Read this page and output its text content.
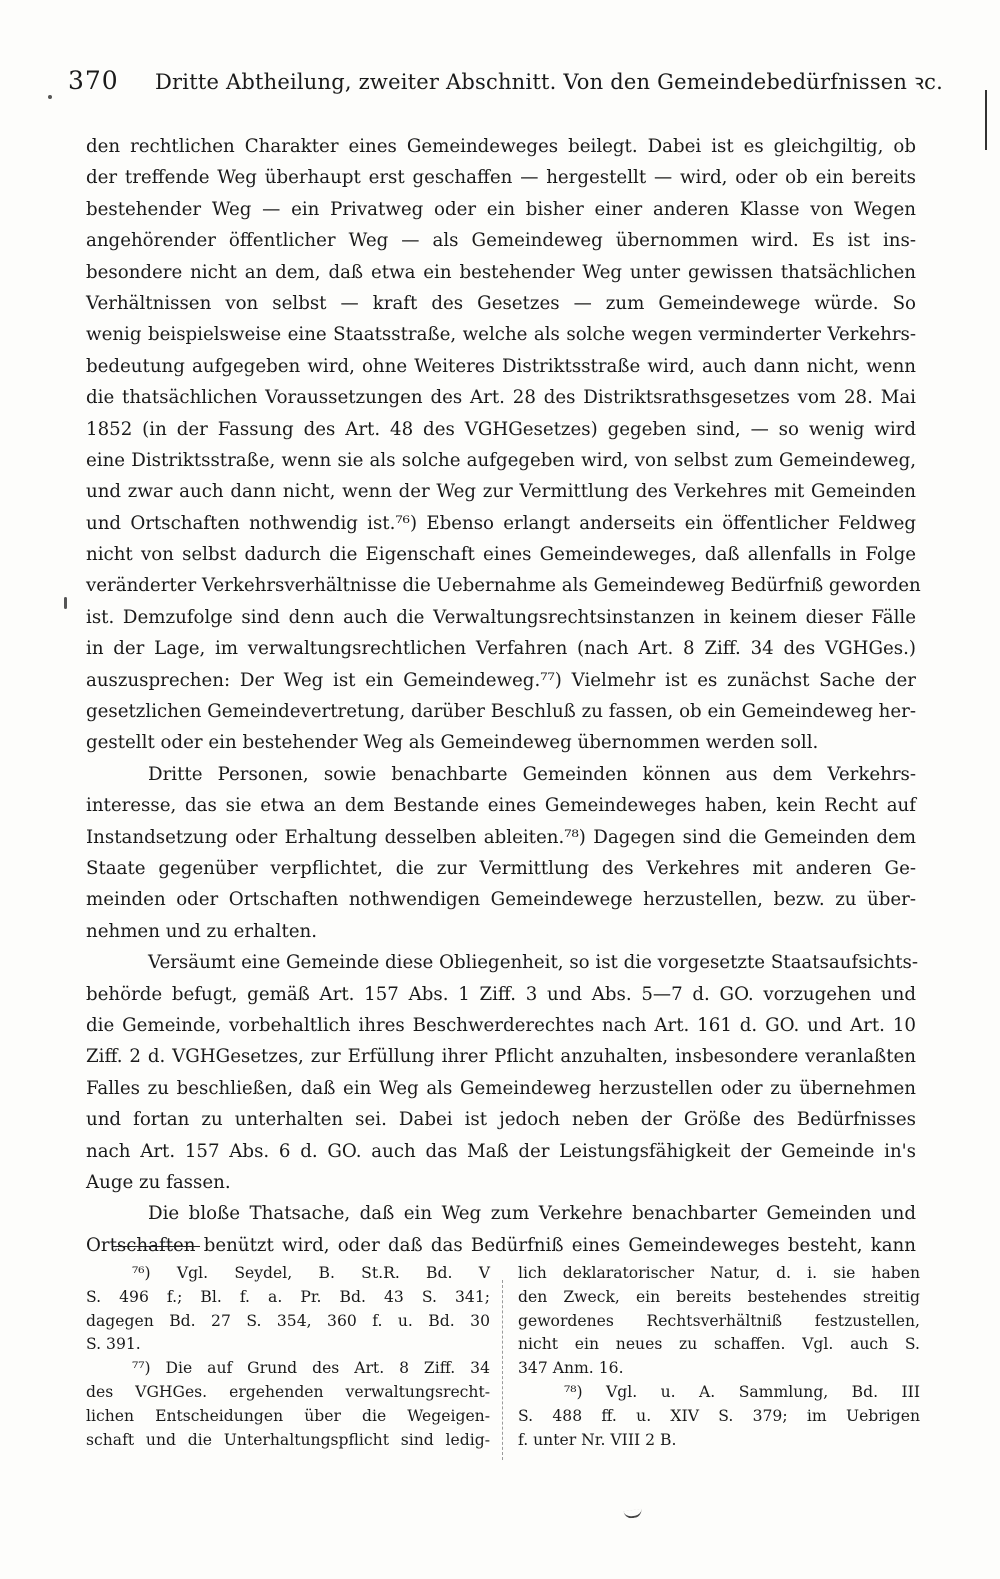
370 Dritte Abtheilung, zweiter Abschnitt. Von den Gemeindebedürfnissen ꝛc.
den rechtlichen Charakter eines Gemeindeweges beilegt. Dabei ist es gleichgiltig, ob
der treffende Weg überhaupt erst geschaffen — hergestellt — wird, oder ob ein bereits
bestehender Weg — ein Privatweg oder ein bisher einer anderen Klasse von Wegen
angehörender öffentlicher Weg — als Gemeindeweg übernommen wird. Es ist ins-
besondere nicht an dem, daß etwa ein bestehender Weg unter gewissen thatsächlichen
Verhältnissen von selbst — kraft des Gesetzes — zum Gemeindewege würde. So
wenig beispielsweise eine Staatsstraße, welche als solche wegen verminderter Verkehrs-
bedeutung aufgegeben wird, ohne Weiteres Distriktsstraße wird, auch dann nicht, wenn
die thatsächlichen Voraussetzungen des Art. 28 des Distriktsrathsgesetzes vom 28. Mai
1852 (in der Fassung des Art. 48 des VGHGesetzes) gegeben sind, — so wenig wird
eine Distriktsstraße, wenn sie als solche aufgegeben wird, von selbst zum Gemeindeweg,
und zwar auch dann nicht, wenn der Weg zur Vermittlung des Verkehres mit Gemeinden
und Ortschaften nothwendig ist.⁷⁶) Ebenso erlangt anderseits ein öffentlicher Feldweg
nicht von selbst dadurch die Eigenschaft eines Gemeindeweges, daß allenfalls in Folge
veränderter Verkehrsverhältnisse die Uebernahme als Gemeindeweg Bedürfniß geworden
ist. Demzufolge sind denn auch die Verwaltungsrechtsinstanzen in keinem dieser Fälle
in der Lage, im verwaltungsrechtlichen Verfahren (nach Art. 8 Ziff. 34 des VGHGes.)
auszusprechen: Der Weg ist ein Gemeindeweg.⁷⁷) Vielmehr ist es zunächst Sache der
gesetzlichen Gemeindevertretung, darüber Beschluß zu fassen, ob ein Gemeindeweg her-
gestellt oder ein bestehender Weg als Gemeindeweg übernommen werden soll.
Dritte Personen, sowie benachbarte Gemeinden können aus dem Verkehrs-
interesse, das sie etwa an dem Bestande eines Gemeindeweges haben, kein Recht auf
Instandsetzung oder Erhaltung desselben ableiten.⁷⁸) Dagegen sind die Gemeinden dem
Staate gegenüber verpflichtet, die zur Vermittlung des Verkehres mit anderen Ge-
meinden oder Ortschaften nothwendigen Gemeindewege herzustellen, bezw. zu über-
nehmen und zu erhalten.
Versäumt eine Gemeinde diese Obliegenheit, so ist die vorgesetzte Staatsaufsichts-
behörde befugt, gemäß Art. 157 Abs. 1 Ziff. 3 und Abs. 5—7 d. GO. vorzugehen und
die Gemeinde, vorbehaltlich ihres Beschwerderechtes nach Art. 161 d. GO. und Art. 10
Ziff. 2 d. VGHGesetzes, zur Erfüllung ihrer Pflicht anzuhalten, insbesondere veranlaßten
Falles zu beschließen, daß ein Weg als Gemeindeweg herzustellen oder zu übernehmen
und fortan zu unterhalten sei. Dabei ist jedoch neben der Größe des Bedürfnisses
nach Art. 157 Abs. 6 d. GO. auch das Maß der Leistungsfähigkeit der Gemeinde in's
Auge zu fassen.
Die bloße Thatsache, daß ein Weg zum Verkehre benachbarter Gemeinden und
Ortschaften benützt wird, oder daß das Bedürfniß eines Gemeindeweges besteht, kann
⁷⁶) Vgl. Seydel, B. St.R. Bd. V
S. 496 f.; Bl. f. a. Pr. Bd. 43 S. 341;
dagegen Bd. 27 S. 354, 360 f. u. Bd. 30
S. 391.
⁷⁷) Die auf Grund des Art. 8 Ziff. 34
des VGHGes. ergehenden verwaltungsrecht-
lichen Entscheidungen über die Wegeigen-
schaft und die Unterhaltungspflicht sind ledig-
lich deklaratorischer Natur, d. i. sie haben
den Zweck, ein bereits bestehendes streitig
gewordenes Rechtsverhältniß festzustellen,
nicht ein neues zu schaffen. Vgl. auch S.
347 Anm. 16.
⁷⁸) Vgl. u. A. Sammlung, Bd. III
S. 488 ff. u. XIV S. 379; im Uebrigen
f. unter Nr. VIII 2 B.
